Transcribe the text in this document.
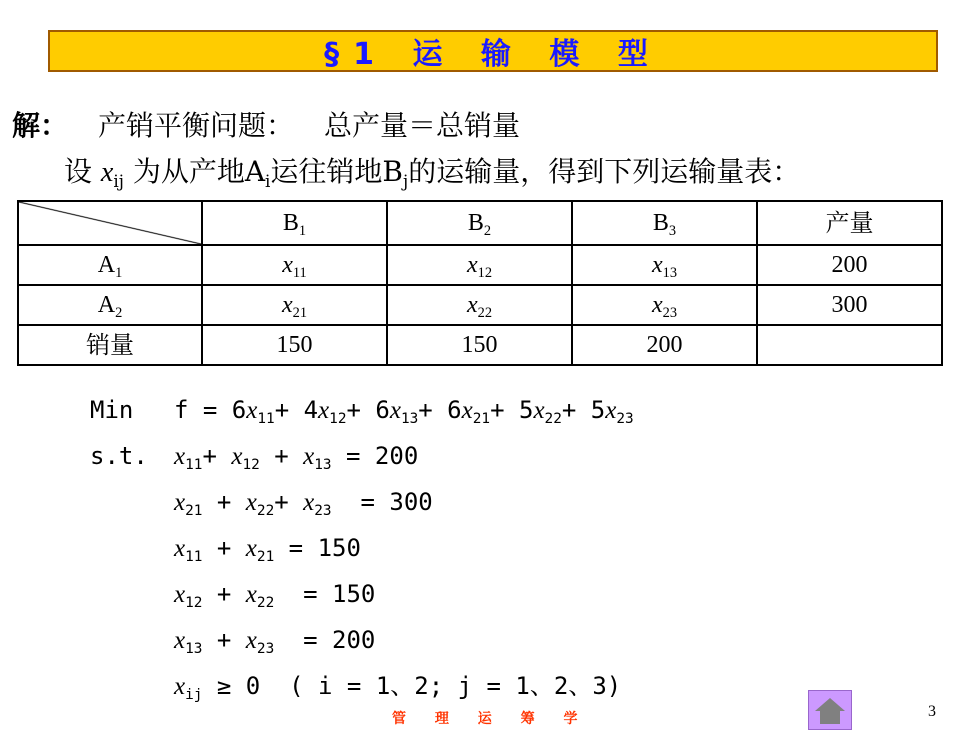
§1 运 输 模 型
解： 产销平衡问题： 总产量＝总销量
设 $x_{ij}$ 为从产地$A_i$运往销地$B_j$的运输量，得到下列运输量表：
	$B_1$	$B_2$	$B_3$	产量
$A_1$	$x_{11}$	$x_{12}$	$x_{13}$	200
$A_2$	$x_{21}$	$x_{22}$	$x_{23}$	300
销量	150	150	200	
Min $f = 6x_{11}+ 4x_{12}+ 6x_{13}+ 6x_{21}+ 5x_{22}+ 5x_{23}$
s.t. $x_{11}+ x_{12} + x_{13} = 200$
$x_{21} + x_{22}+ x_{23} = 300$
$x_{11} + x_{21} = 150$
$x_{12} + x_{22} = 150$
$x_{13} + x_{23} = 200$
$x_{ij} \ge 0$  ( i = 1、2; j = 1、2、3)
管 理 运 筹 学	3
